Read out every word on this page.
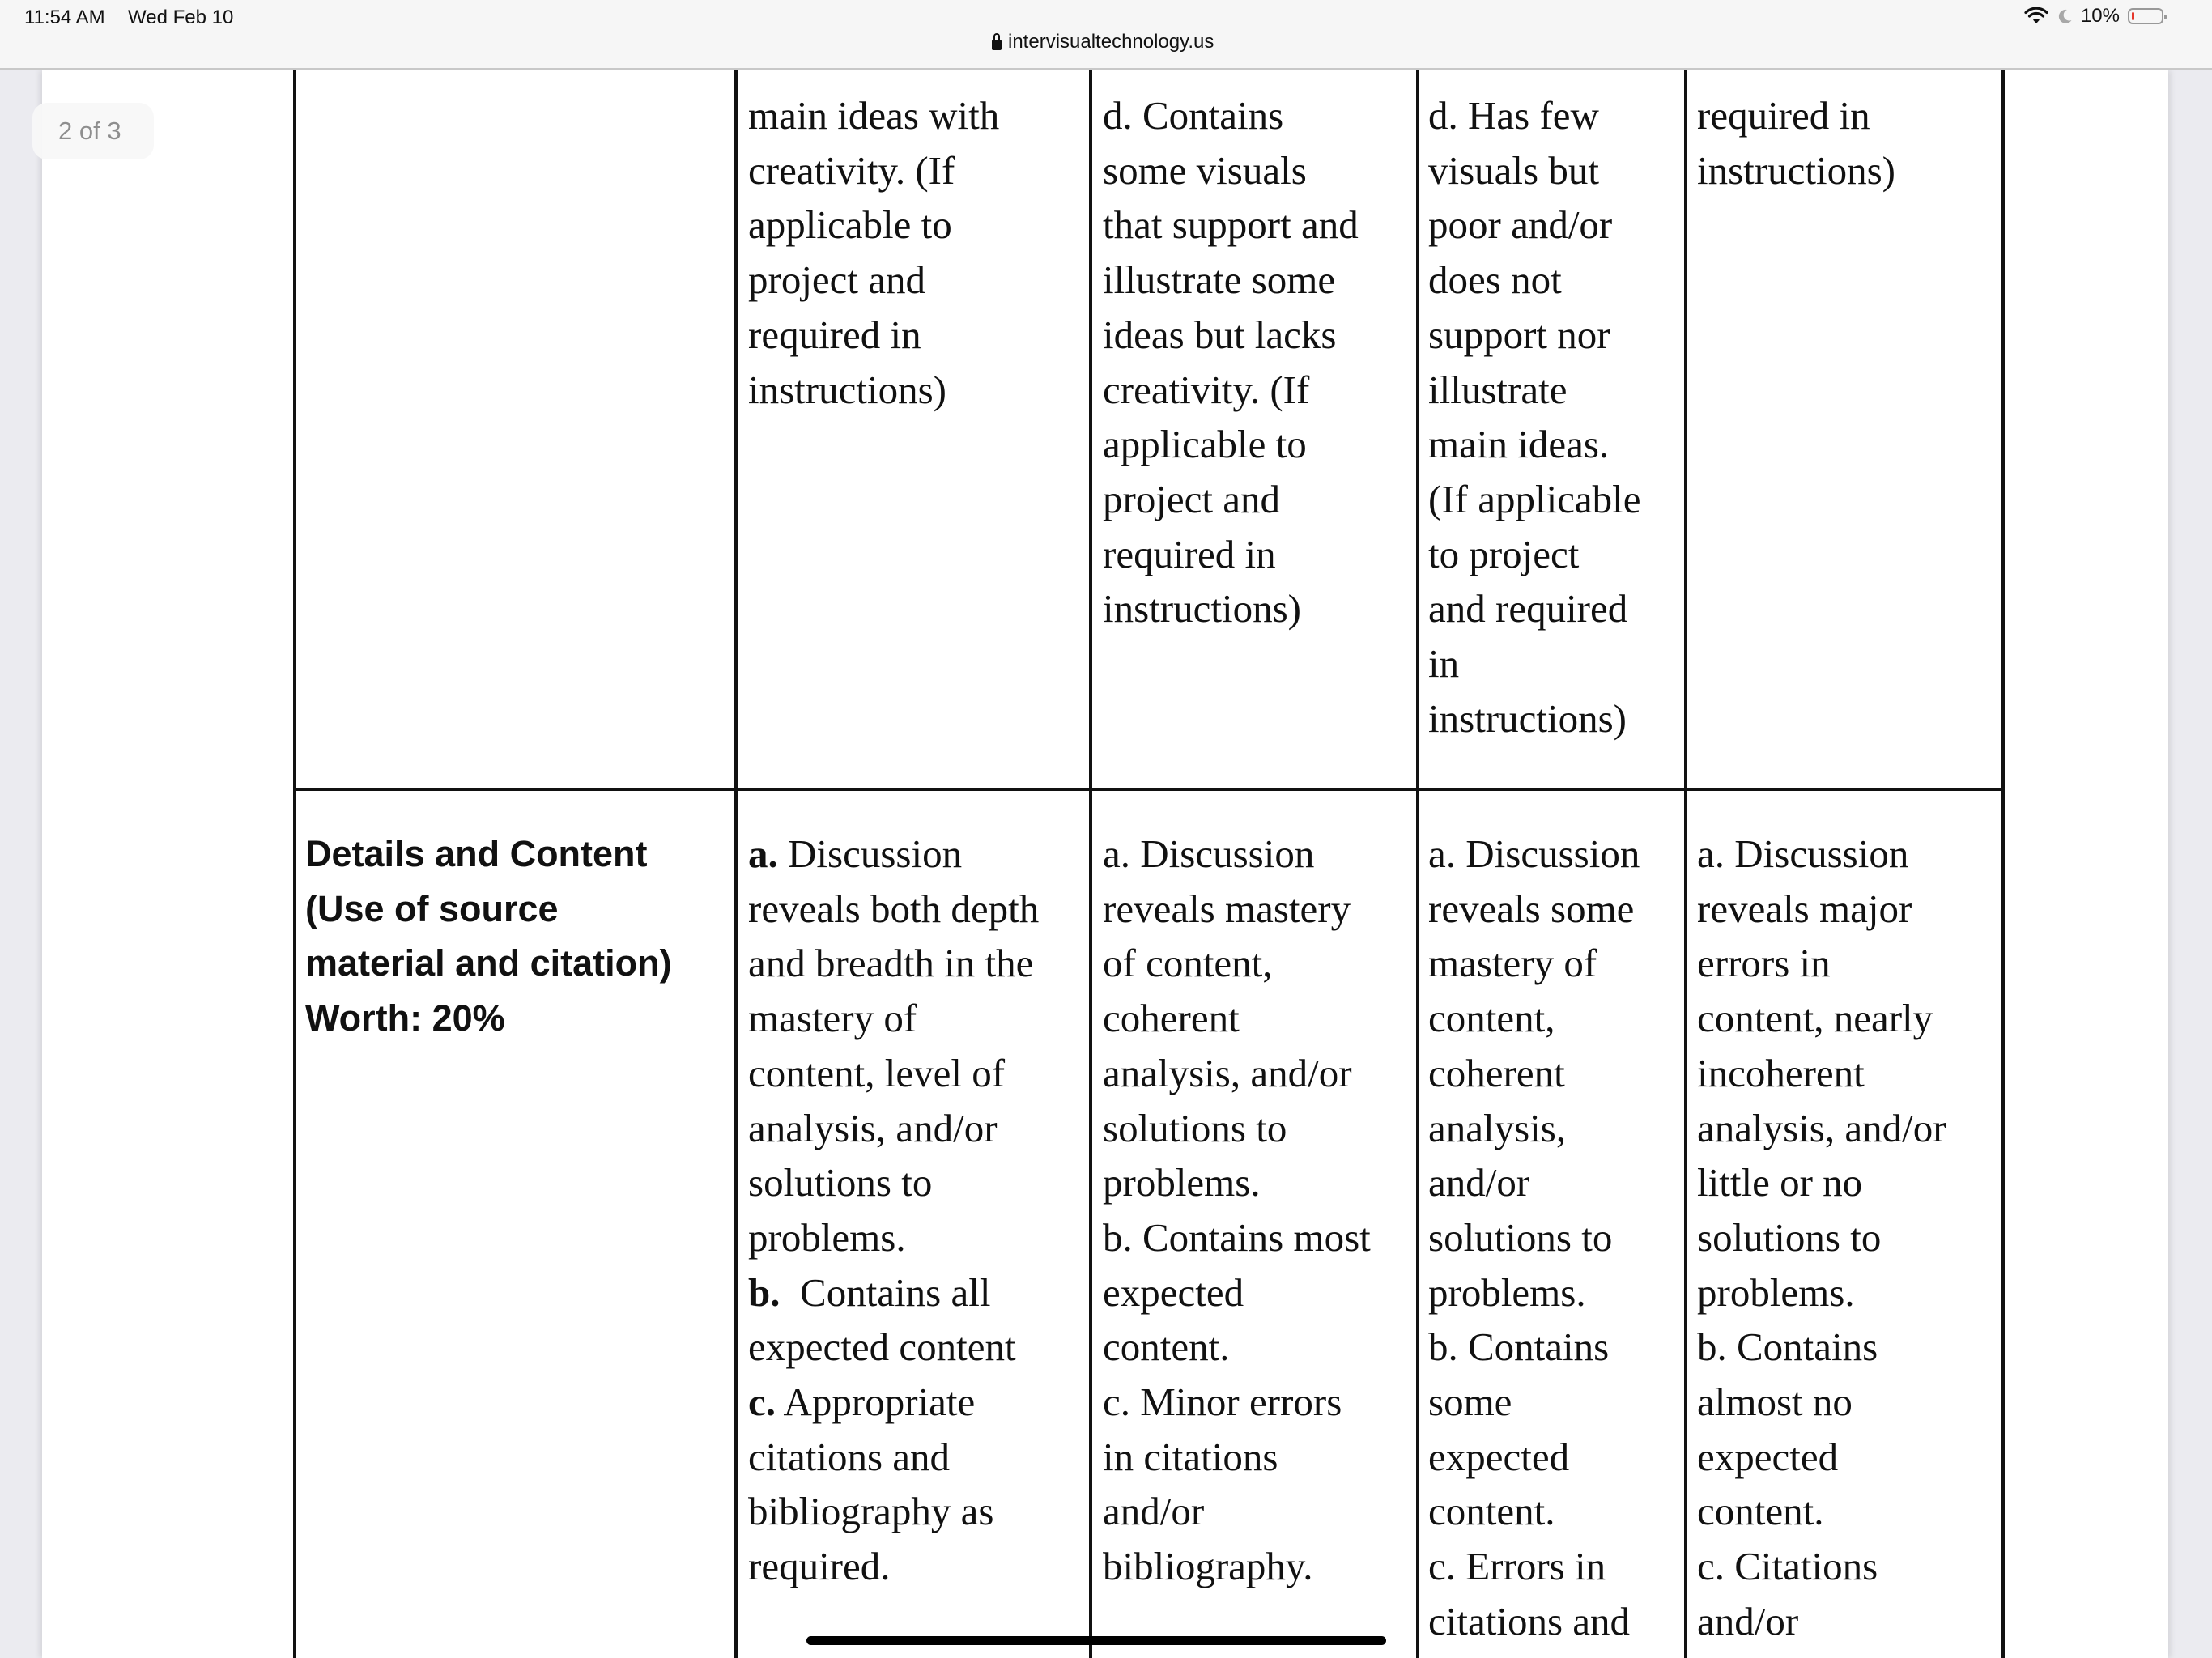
11:54 AM Wed Feb 10
intervisualtechnology.us
10%
2 of 3	main ideas with
creativity. (If
applicable to
project and
required in
instructions)
d. Contains
some visuals
that support and
illustrate some
ideas but lacks
creativity. (If
applicable to
project and
required in
instructions)
d. Has few
visuals but
poor and/or
does not
support nor
illustrate
main ideas.
(If applicable
to project
and required
in
instructions)
required in
instructions)
Details and Content
(Use of source
material and citation)
Worth: 20%
a. Discussion
reveals both depth
and breadth in the
mastery of
content, level of
analysis, and/or
solutions to
problems.
b.  Contains all
expected content
c. Appropriate
citations and
bibliography as
required.
a. Discussion
reveals mastery
of content,
coherent
analysis, and/or
solutions to
problems.
b. Contains most
expected
content.
c. Minor errors
in citations
and/or
bibliography.
a. Discussion
reveals some
mastery of
content,
coherent
analysis,
and/or
solutions to
problems.
b. Contains
some
expected
content.
c. Errors in
citations and
a. Discussion
reveals major
errors in
content, nearly
incoherent
analysis, and/or
little or no
solutions to
problems.
b. Contains
almost no
expected
content.
c. Citations
and/or
